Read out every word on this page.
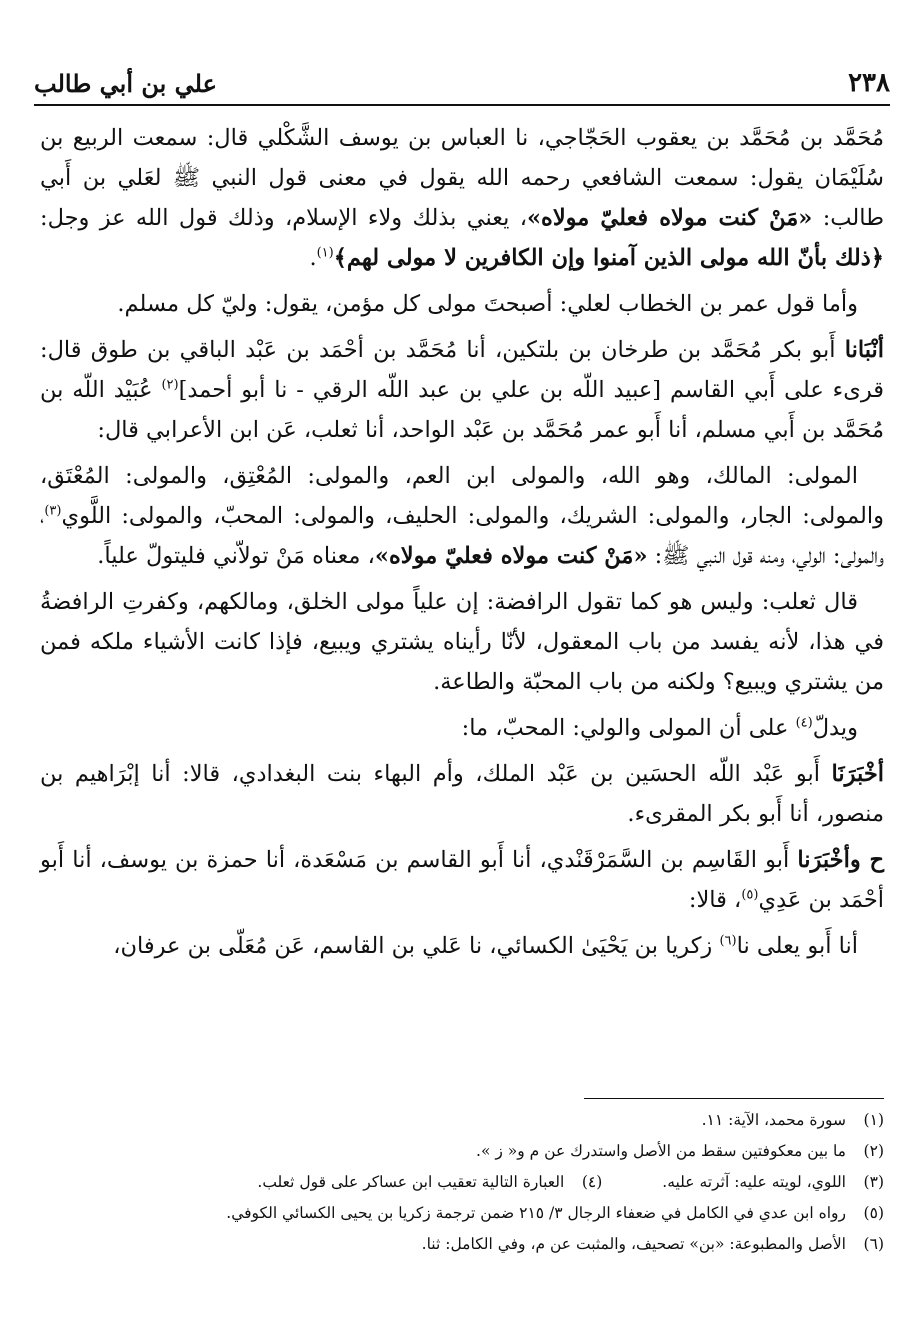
٢٣٨
علي بن أبي طالب

مُحَمَّد بن مُحَمَّد بن يعقوب الحَجّاجي، نا العباس بن يوسف الشَّكْلي قال: سمعت الربيع بن سُلَيْمَان يقول: سمعت الشافعي رحمه الله يقول في معنى قول النبي ﷺ لعَلي بن أَبي طالب: «مَنْ كنت مولاه فعليّ مولاه»، يعني بذلك ولاء الإسلام، وذلك قول الله عز وجل: ﴿ذلك بأنّ الله مولى الذين آمنوا وإن الكافرين لا مولى لهم﴾$^{(١)}$.

وأما قول عمر بن الخطاب لعلي: أصبحتَ مولى كل مؤمن، يقول: وليّ كل مسلم.

أنْبَانا أَبو بكر مُحَمَّد بن طرخان بن بلتكين، أنا مُحَمَّد بن أحْمَد بن عَبْد الباقي بن طوق قال: قرىء على أَبي القاسم [عبيد اللّه بن علي بن عبد اللّه الرقي - نا أبو أحمد]$^{(٢)}$ عُبَيْد اللّه بن مُحَمَّد بن أَبي مسلم، أنا أَبو عمر مُحَمَّد بن عَبْد الواحد، أنا ثعلب، عَن ابن الأعرابي قال:

المولى: المالك، وهو الله، والمولى ابن العم، والمولى: المُعْتِق، والمولى: المُعْتَق، والمولى: الجار، والمولى: الشريك، والمولى: الحليف، والمولى: المحبّ، والمولى: اللَّوي$^{(٣)}$، والمولى: الولي، ومنه قول النبي ﷺ: «مَنْ كنت مولاه فعليّ مولاه»، معناه مَنْ تولاّني فليتولّ علياً.

قال ثعلب: وليس هو كما تقول الرافضة: إن علياً مولى الخلق، ومالكهم، وكفرتِ الرافضةُ في هذا، لأنه يفسد من باب المعقول، لأنّا رأيناه يشتري ويبيع، فإذا كانت الأشياء ملكه فمن من يشتري ويبيع؟ ولكنه من باب المحبّة والطاعة.

ويدلّ$^{(٤)}$ على أن المولى والولي: المحبّ، ما:

أخْبَرَنَا أَبو عَبْد اللّه الحسَين بن عَبْد الملك، وأم البهاء بنت البغدادي، قالا: أنا إبْرَاهيم بن منصور، أنا أَبو بكر المقرىء.

ح وأخْبَرَنا أَبو القَاسِم بن السَّمَرْقَنْدي، أنا أَبو القاسم بن مَسْعَدة، أنا حمزة بن يوسف، أنا أَبو أحْمَد بن عَدِي$^{(٥)}$، قالا:

أنا أَبو يعلى نا$^{(٦)}$ زكريا بن يَحْيَىٰ الكسائي، نا عَلي بن القاسم، عَن مُعَلّى بن عرفان،

(١)
سورة محمد، الآية: ١١.
(٢)
ما بين معكوفتين سقط من الأصل واستدرك عن م و« ز ».
(٣)
اللوي، لويته عليه: آثرته عليه.
(٤)
العبارة التالية تعقيب ابن عساكر على قول ثعلب.
(٥)
رواه ابن عدي في الكامل في ضعفاء الرجال ٣/ ٢١٥ ضمن ترجمة زكريا بن يحيى الكسائي الكوفي.
(٦)
الأصل والمطبوعة: «بن» تصحيف، والمثبت عن م، وفي الكامل: ثنا.
